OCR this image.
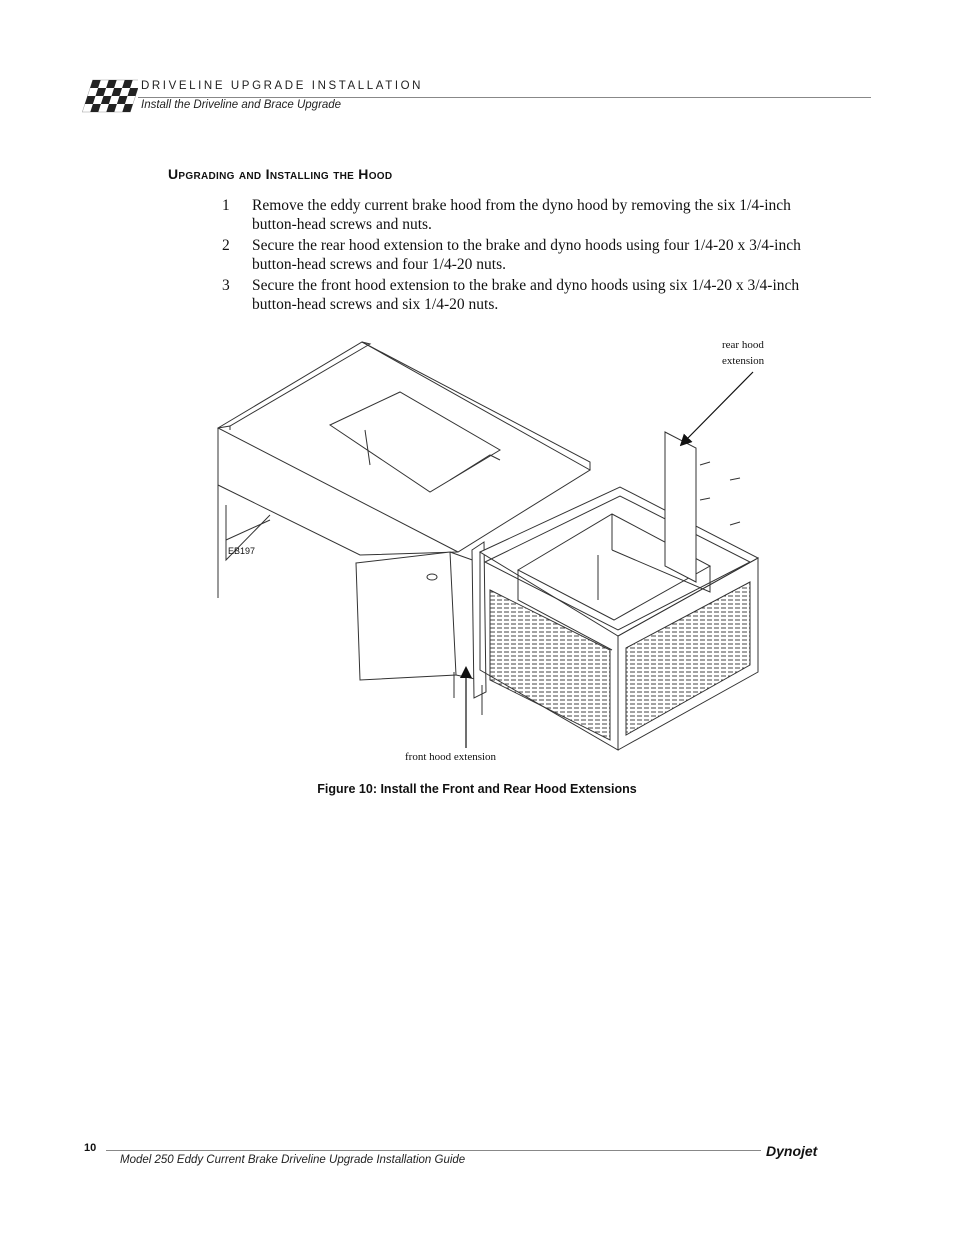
DRIVELINE UPGRADE INSTALLATION
Install the Driveline and Brace Upgrade
Upgrading and Installing the Hood
1 Remove the eddy current brake hood from the dyno hood by removing the six 1/4-inch button-head screws and nuts.
2 Secure the rear hood extension to the brake and dyno hoods using four 1/4-20 x 3/4-inch button-head screws and four 1/4-20 nuts.
3 Secure the front hood extension to the brake and dyno hoods using six 1/4-20 x 3/4-inch button-head screws and six 1/4-20 nuts.
rear hood
extension
EB197
front hood extension
Figure 10: Install the Front and Rear Hood Extensions
10
Model 250 Eddy Current Brake Driveline Upgrade Installation Guide
Dynojet
